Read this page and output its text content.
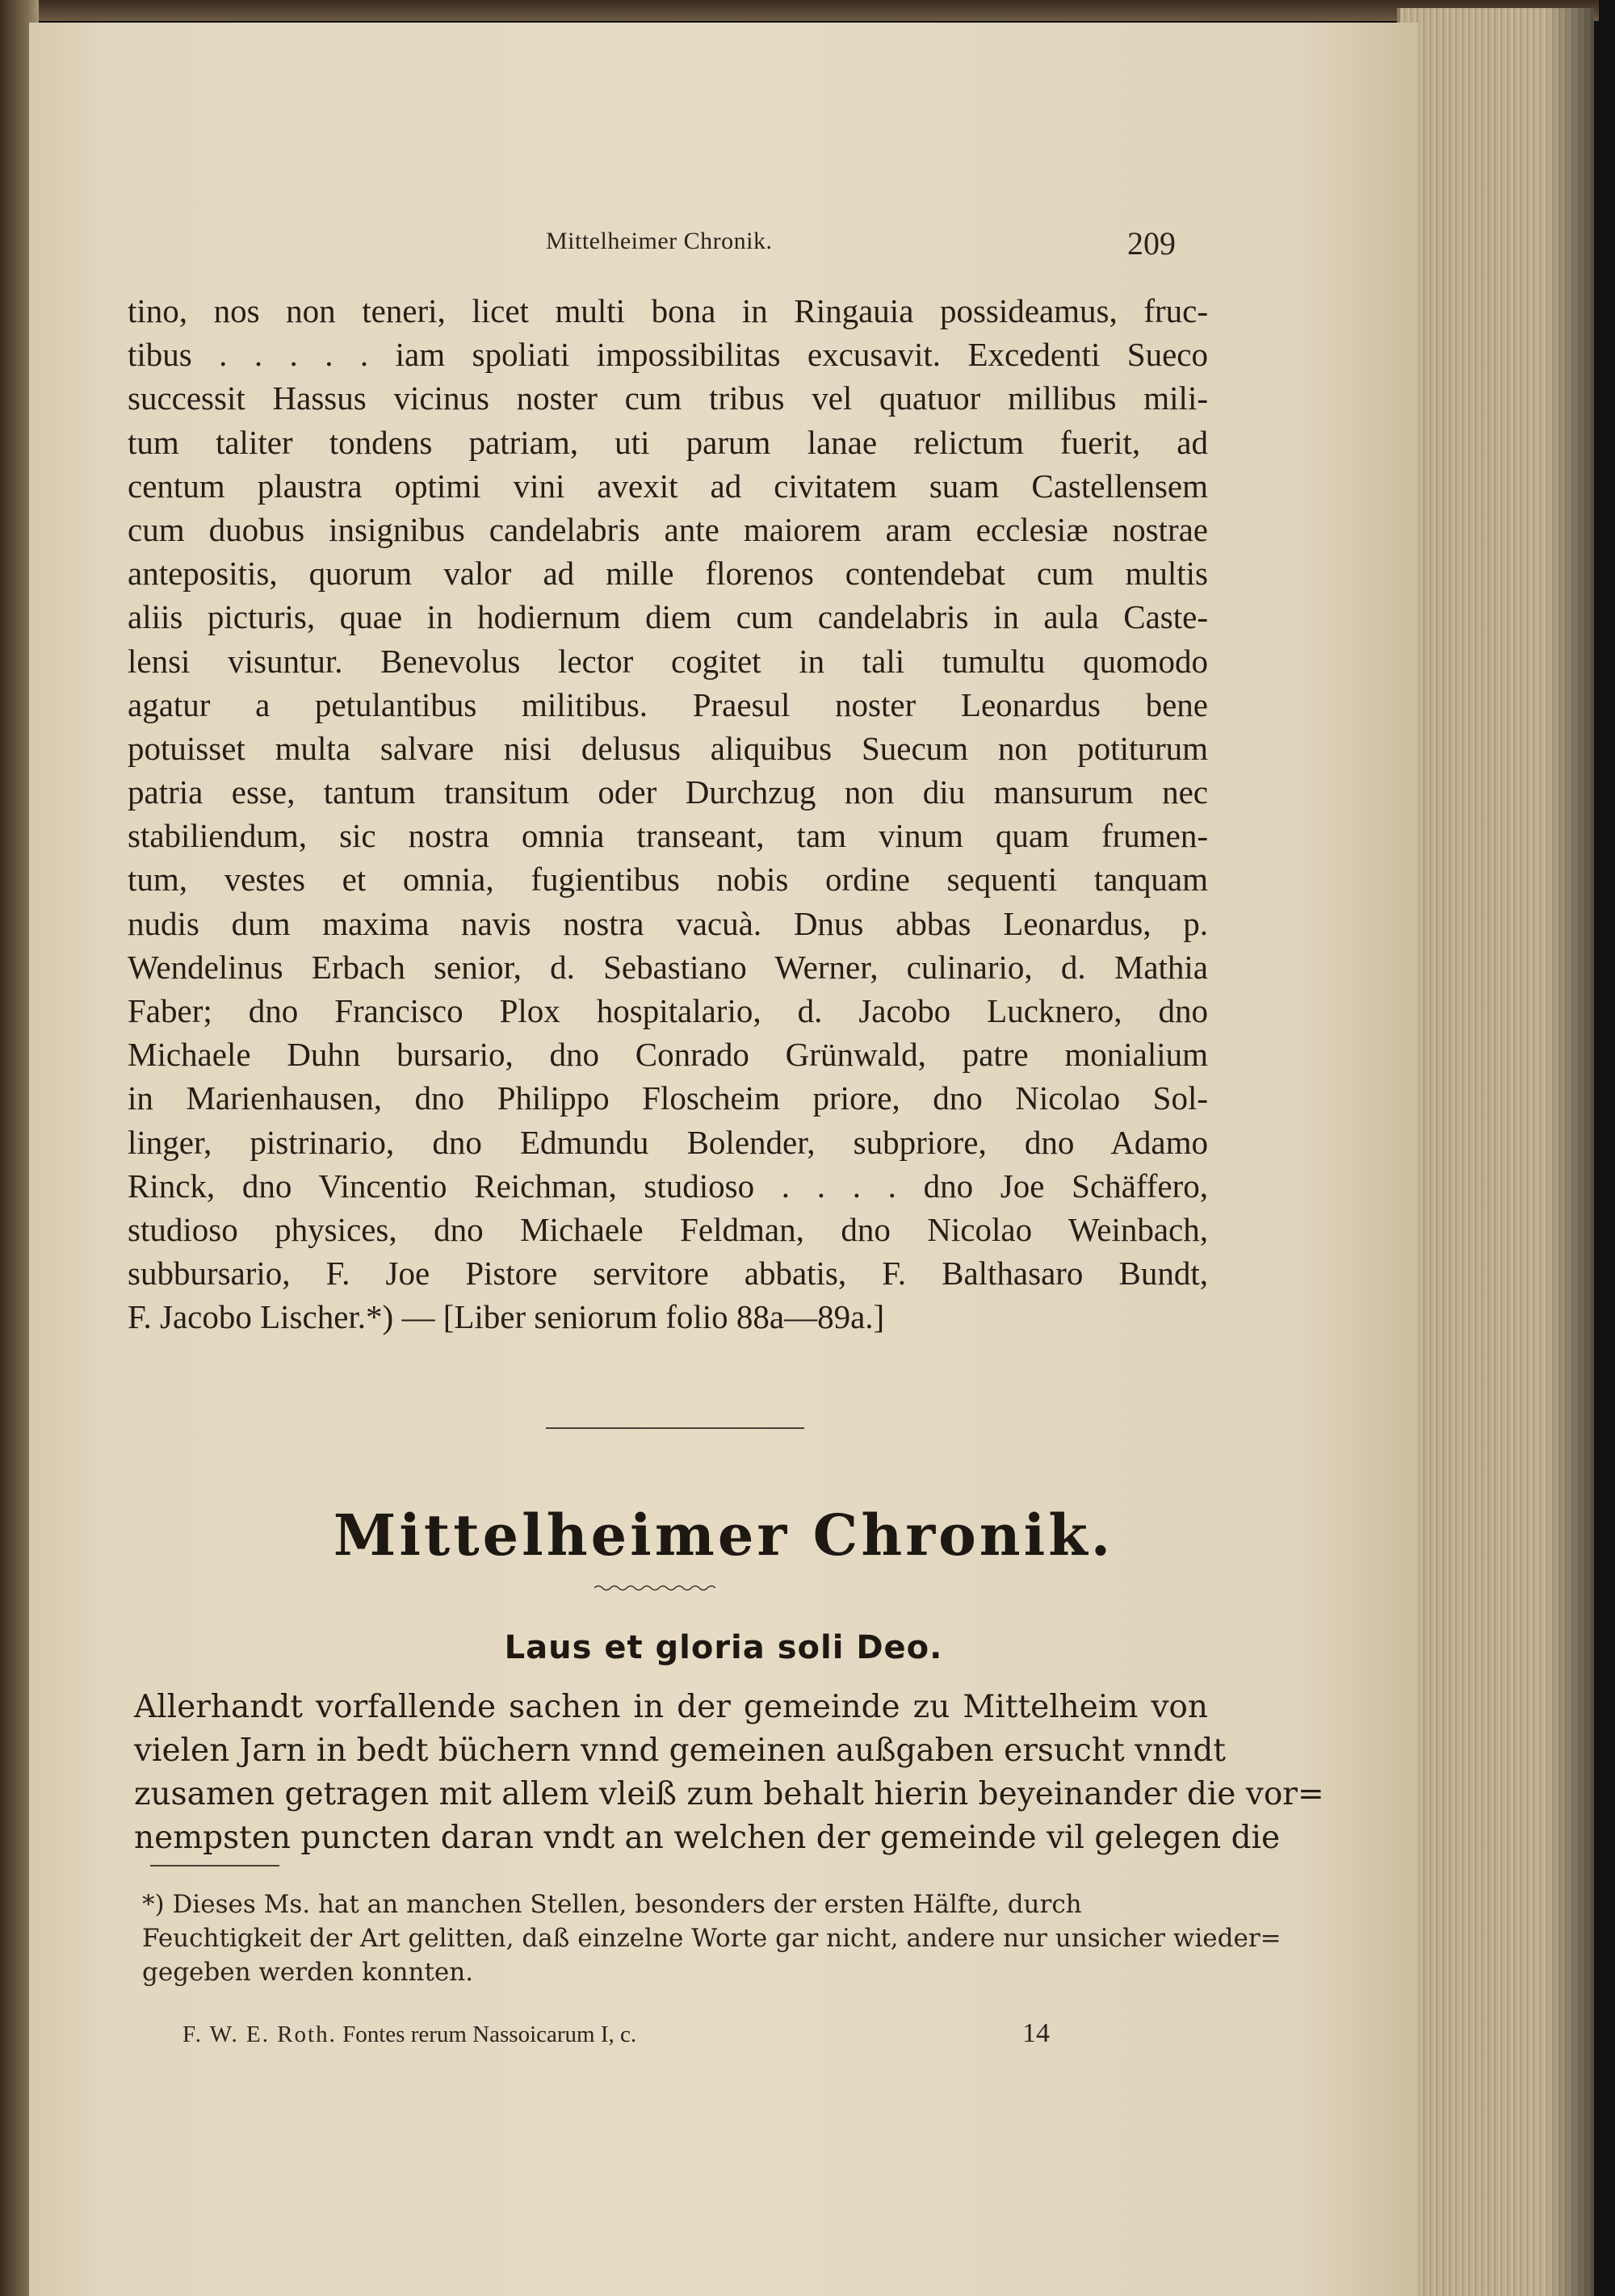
Mittelheimer Chronik.	209
tino, nos non teneri, licet multi bona in Ringauia possideamus, fruc-
tibus . . . . . iam spoliati impossibilitas excusavit. Excedenti Sueco
successit Hassus vicinus noster cum tribus vel quatuor millibus mili-
tum taliter tondens patriam, uti parum lanae relictum fuerit, ad
centum plaustra optimi vini avexit ad civitatem suam Castellensem
cum duobus insignibus candelabris ante maiorem aram ecclesiæ nostrae
antepositis, quorum valor ad mille florenos contendebat cum multis
aliis picturis, quae in hodiernum diem cum candelabris in aula Caste-
lensi visuntur. Benevolus lector cogitet in tali tumultu quomodo
agatur a petulantibus militibus. Praesul noster Leonardus bene
potuisset multa salvare nisi delusus aliquibus Suecum non potiturum
patria esse, tantum transitum oder Durchzug non diu mansurum nec
stabiliendum, sic nostra omnia transeant, tam vinum quam frumen-
tum, vestes et omnia, fugientibus nobis ordine sequenti tanquam
nudis dum maxima navis nostra vacuà. Dnus abbas Leonardus, p.
Wendelinus Erbach senior, d. Sebastiano Werner, culinario, d. Mathia
Faber; dno Francisco Plox hospitalario, d. Jacobo Lucknero, dno
Michaele Duhn bursario, dno Conrado Grünwald, patre monialium
in Marienhausen, dno Philippo Floscheim priore, dno Nicolao Sol-
linger, pistrinario, dno Edmundu Bolender, subpriore, dno Adamo
Rinck, dno Vincentio Reichman, studioso . . . . dno Joe Schäffero,
studioso physices, dno Michaele Feldman, dno Nicolao Weinbach,
subbursario, F. Joe Pistore servitore abbatis, F. Balthasaro Bundt,
F. Jacobo Lischer.*) — [Liber seniorum folio 88a—89a.]
Mittelheimer Chronik.
Laus et gloria soli Deo.
Allerhandt vorfallende sachen in der gemeinde zu Mittelheim von
vielen Jarn in bedt büchern vnnd gemeinen außgaben ersucht vnndt
zusamen getragen mit allem vleiß zum behalt hierin beyeinander die vor=
nempsten puncten daran vndt an welchen der gemeinde vil gelegen die
*) Dieses Ms. hat an manchen Stellen, besonders der ersten Hälfte, durch
Feuchtigkeit der Art gelitten, daß einzelne Worte gar nicht, andere nur unsicher wieder=
gegeben werden konnten.
F. W. E. Roth. Fontes rerum Nassoicarum I, c.	14
